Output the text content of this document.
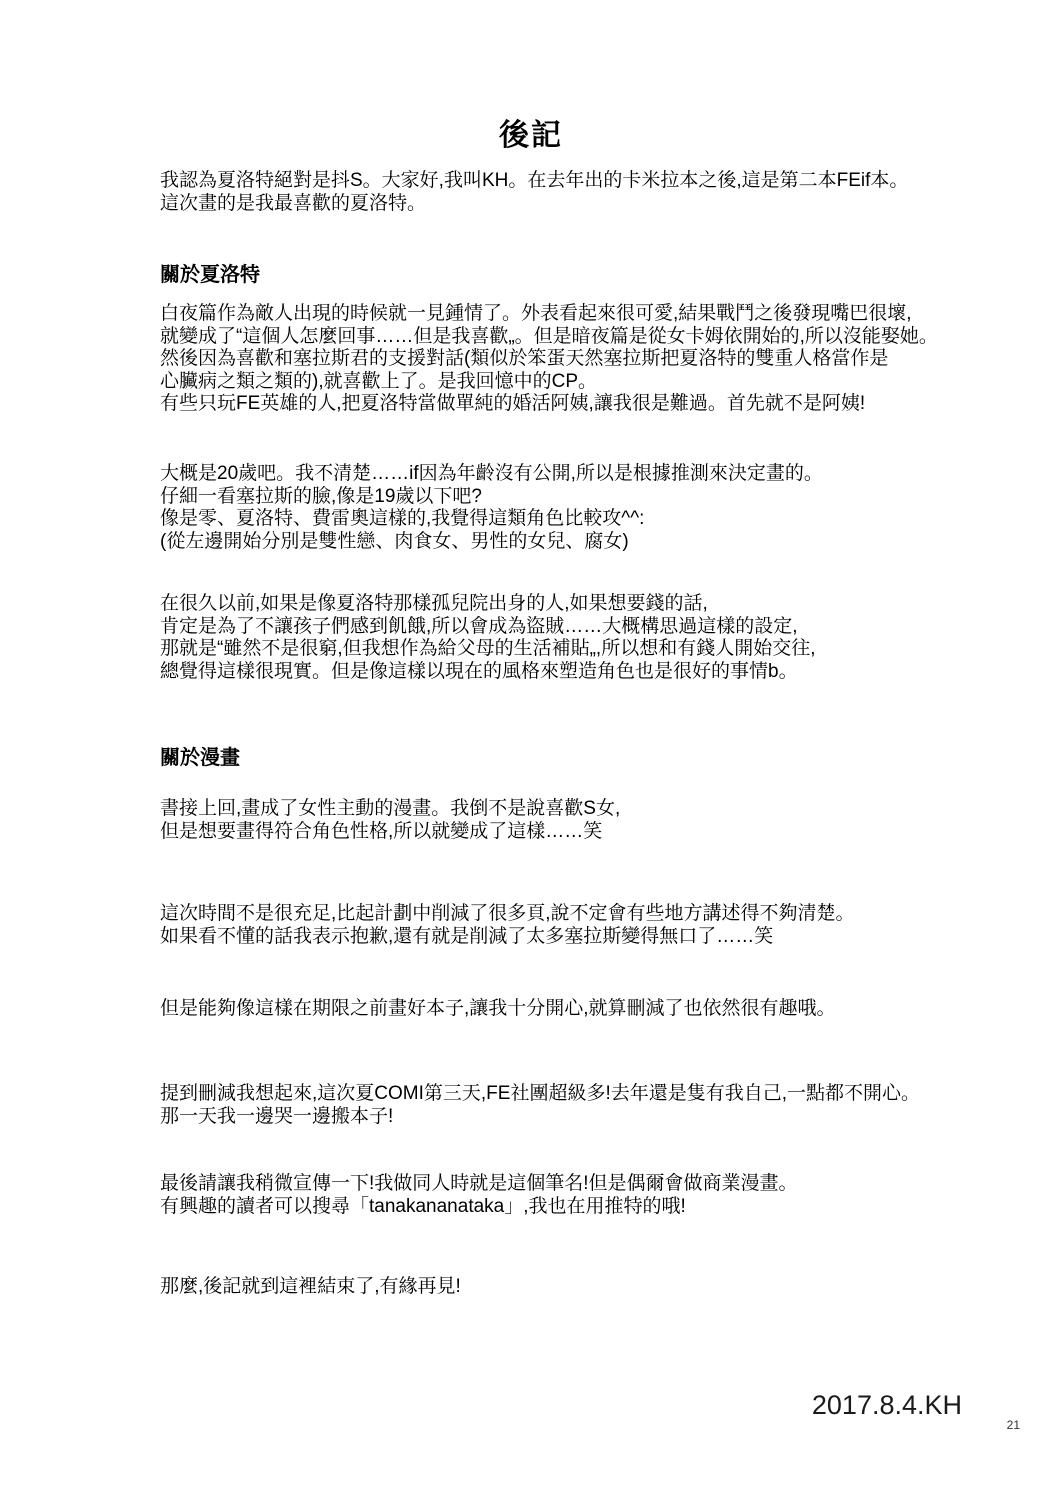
後記
我認為夏洛特絕對是抖S。大家好,我叫KH。在去年出的卡米拉本之後,這是第二本FEif本。
這次畫的是我最喜歡的夏洛特。
關於夏洛特
白夜篇作為敵人出現的時候就一見鍾情了。外表看起來很可愛,結果戰鬥之後發現嘴巴很壞,
就變成了“這個人怎麼回事……但是我喜歡„。但是暗夜篇是從女卡姆依開始的,所以沒能娶她。
然後因為喜歡和塞拉斯君的支援對話(類似於笨蛋天然塞拉斯把夏洛特的雙重人格當作是
心臟病之類之類的),就喜歡上了。是我回憶中的CP。
有些只玩FE英雄的人,把夏洛特當做單純的婚活阿姨,讓我很是難過。首先就不是阿姨!
大概是20歲吧。我不清楚……if因為年齡沒有公開,所以是根據推測來決定畫的。
仔細一看塞拉斯的臉,像是19歲以下吧?
像是零、夏洛特、費雷奧這樣的,我覺得這類角色比較攻^^:
(從左邊開始分別是雙性戀、肉食女、男性的女兒、腐女)
在很久以前,如果是像夏洛特那樣孤兒院出身的人,如果想要錢的話,
肯定是為了不讓孩子們感到飢餓,所以會成為盜賊……大概構思過這樣的設定,
那就是“雖然不是很窮,但我想作為給父母的生活補貼„,所以想和有錢人開始交往,
總覺得這樣很現實。但是像這樣以現在的風格來塑造角色也是很好的事情b。
關於漫畫
書接上回,畫成了女性主動的漫畫。我倒不是說喜歡S女,
但是想要畫得符合角色性格,所以就變成了這樣……笑
這次時間不是很充足,比起計劃中削減了很多頁,說不定會有些地方講述得不夠清楚。
如果看不懂的話我表示抱歉,還有就是削減了太多塞拉斯變得無口了……笑
但是能夠像這樣在期限之前畫好本子,讓我十分開心,就算刪減了也依然很有趣哦。
提到刪減我想起來,這次夏COMI第三天,FE社團超級多!去年還是隻有我自己,一點都不開心。
那一天我一邊哭一邊搬本子!
最後請讓我稍微宣傳一下!我做同人時就是這個筆名!但是偶爾會做商業漫畫。
有興趣的讀者可以搜尋「tanakananataka」,我也在用推特的哦!
那麼,後記就到這裡結束了,有緣再見!
2017.8.4.KH
21
